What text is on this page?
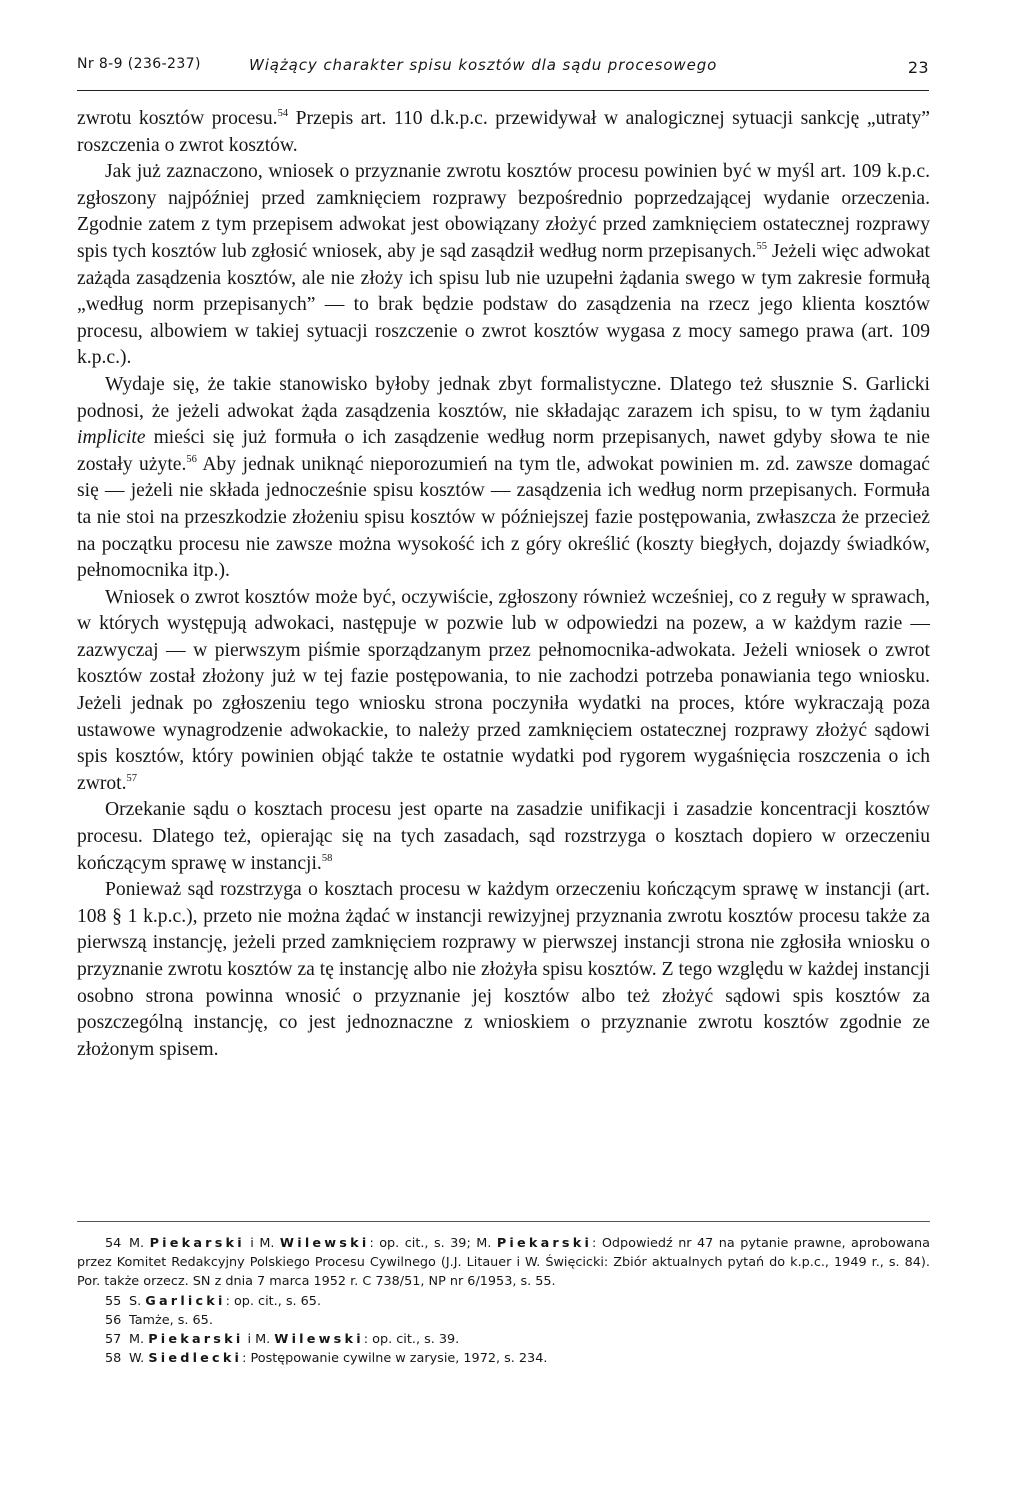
Nr 8-9 (236-237)	Wiążący charakter spisu kosztów dla sądu procesowego	23

zwrotu kosztów procesu.$^{54}$ Przepis art. 110 d.k.p.c. przewidywał w analogicznej sytuacji sankcję „utraty” roszczenia o zwrot kosztów.

Jak już zaznaczono, wniosek o przyznanie zwrotu kosztów procesu powinien być w myśl art. 109 k.p.c. zgłoszony najpóźniej przed zamknięciem rozprawy bezpośrednio poprzedzającej wydanie orzeczenia. Zgodnie zatem z tym przepisem adwokat jest obowiązany złożyć przed zamknięciem ostatecznej rozprawy spis tych kosztów lub zgłosić wniosek, aby je sąd zasądził według norm przepisanych.$^{55}$ Jeżeli więc adwokat zażąda zasądzenia kosztów, ale nie złoży ich spisu lub nie uzupełni żądania swego w tym zakresie formułą „według norm przepisanych” — to brak będzie podstaw do zasądzenia na rzecz jego klienta kosztów procesu, albowiem w takiej sytuacji roszczenie o zwrot kosztów wygasa z mocy samego prawa (art. 109 k.p.c.).

Wydaje się, że takie stanowisko byłoby jednak zbyt formalistyczne. Dlatego też słusznie S. Garlicki podnosi, że jeżeli adwokat żąda zasądzenia kosztów, nie składając zarazem ich spisu, to w tym żądaniu implicite mieści się już formuła o ich zasądzenie według norm przepisanych, nawet gdyby słowa te nie zostały użyte.$^{56}$ Aby jednak uniknąć nieporozumień na tym tle, adwokat powinien m. zd. zawsze domagać się — jeżeli nie składa jednocześnie spisu kosztów — zasądzenia ich według norm przepisanych. Formuła ta nie stoi na przeszkodzie złożeniu spisu kosztów w późniejszej fazie postępowania, zwłaszcza że przecież na początku procesu nie zawsze można wysokość ich z góry określić (koszty biegłych, dojazdy świadków, pełnomocnika itp.).

Wniosek o zwrot kosztów może być, oczywiście, zgłoszony również wcześniej, co z reguły w sprawach, w których występują adwokaci, następuje w pozwie lub w odpowiedzi na pozew, a w każdym razie — zazwyczaj — w pierwszym piśmie sporządzanym przez pełnomocnika-adwokata. Jeżeli wniosek o zwrot kosztów został złożony już w tej fazie postępowania, to nie zachodzi potrzeba ponawiania tego wniosku. Jeżeli jednak po zgłoszeniu tego wniosku strona poczyniła wydatki na proces, które wykraczają poza ustawowe wynagrodzenie adwokackie, to należy przed zamknięciem ostatecznej rozprawy złożyć sądowi spis kosztów, który powinien objąć także te ostatnie wydatki pod rygorem wygaśnięcia roszczenia o ich zwrot.$^{57}$

Orzekanie sądu o kosztach procesu jest oparte na zasadzie unifikacji i zasadzie koncentracji kosztów procesu. Dlatego też, opierając się na tych zasadach, sąd rozstrzyga o kosztach dopiero w orzeczeniu kończącym sprawę w instancji.$^{58}$

Ponieważ sąd rozstrzyga o kosztach procesu w każdym orzeczeniu kończącym sprawę w instancji (art. 108 § 1 k.p.c.), przeto nie można żądać w instancji rewizyjnej przyznania zwrotu kosztów procesu także za pierwszą instancję, jeżeli przed zamknięciem rozprawy w pierwszej instancji strona nie zgłosiła wniosku o przyznanie zwrotu kosztów za tę instancję albo nie złożyła spisu kosztów. Z tego względu w każdej instancji osobno strona powinna wnosić o przyznanie jej kosztów albo też złożyć sądowi spis kosztów za poszczególną instancję, co jest jednoznaczne z wnioskiem o przyznanie zwrotu kosztów zgodnie ze złożonym spisem.

54 M. Piekarski i M. Wilewski: op. cit., s. 39; M. Piekarski: Odpowiedź nr 47 na pytanie prawne, aprobowana przez Komitet Redakcyjny Polskiego Procesu Cywilnego (J.J. Litauer i W. Święcicki: Zbiór aktualnych pytań do k.p.c., 1949 r., s. 84). Por. także orzecz. SN z dnia 7 marca 1952 r. C 738/51, NP nr 6/1953, s. 55.

55 S. Garlicki: op. cit., s. 65.

56 Tamże, s. 65.

57 M. Piekarski i M. Wilewski: op. cit., s. 39.

58 W. Siedlecki: Postępowanie cywilne w zarysie, 1972, s. 234.
